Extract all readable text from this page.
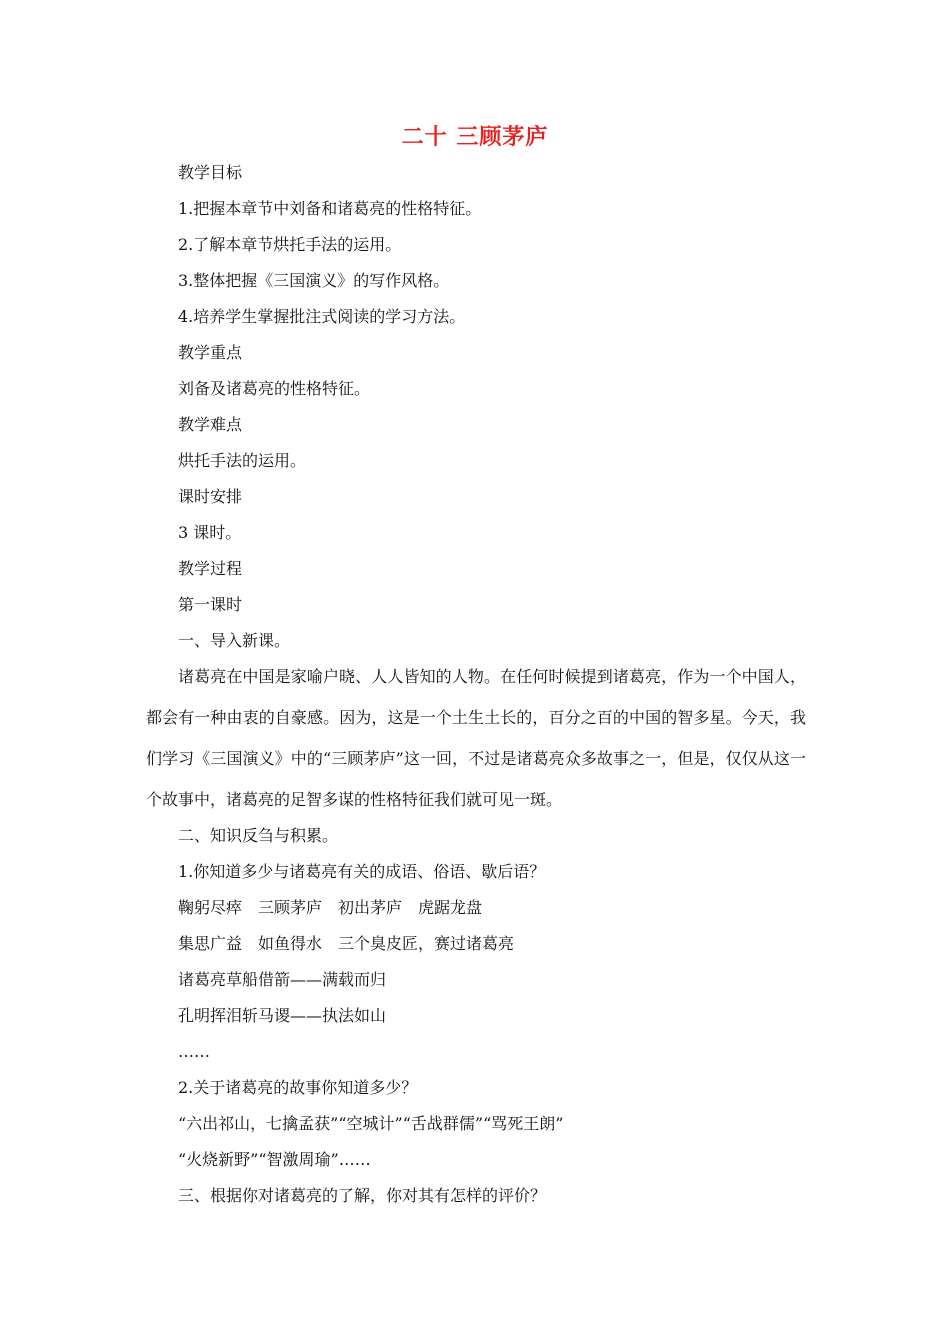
二十 三顾茅庐
教学目标
1.把握本章节中刘备和诸葛亮的性格特征。
2.了解本章节烘托手法的运用。
3.整体把握《三国演义》的写作风格。
4.培养学生掌握批注式阅读的学习方法。
教学重点
刘备及诸葛亮的性格特征。
教学难点
烘托手法的运用。
课时安排
3 课时。
教学过程
第一课时
一、导入新课。
诸葛亮在中国是家喻户晓、人人皆知的人物。在任何时候提到诸葛亮，作为一个中国人，都会有一种由衷的自豪感。因为，这是一个土生土长的，百分之百的中国的智多星。今天，我们学习《三国演义》中的“三顾茅庐”这一回，不过是诸葛亮众多故事之一，但是，仅仅从这一个故事中，诸葛亮的足智多谋的性格特征我们就可见一斑。
二、知识反刍与积累。
1.你知道多少与诸葛亮有关的成语、俗语、歇后语？
鞠躬尽瘁　三顾茅庐　初出茅庐　虎踞龙盘
集思广益　如鱼得水　三个臭皮匠，赛过诸葛亮
诸葛亮草船借箭——满载而归
孔明挥泪斩马谡——执法如山
……
2.关于诸葛亮的故事你知道多少？
“六出祁山，七擒孟获”“空城计”“舌战群儒”“骂死王朗”
“火烧新野”“智激周瑜”……
三、根据你对诸葛亮的了解，你对其有怎样的评价？
